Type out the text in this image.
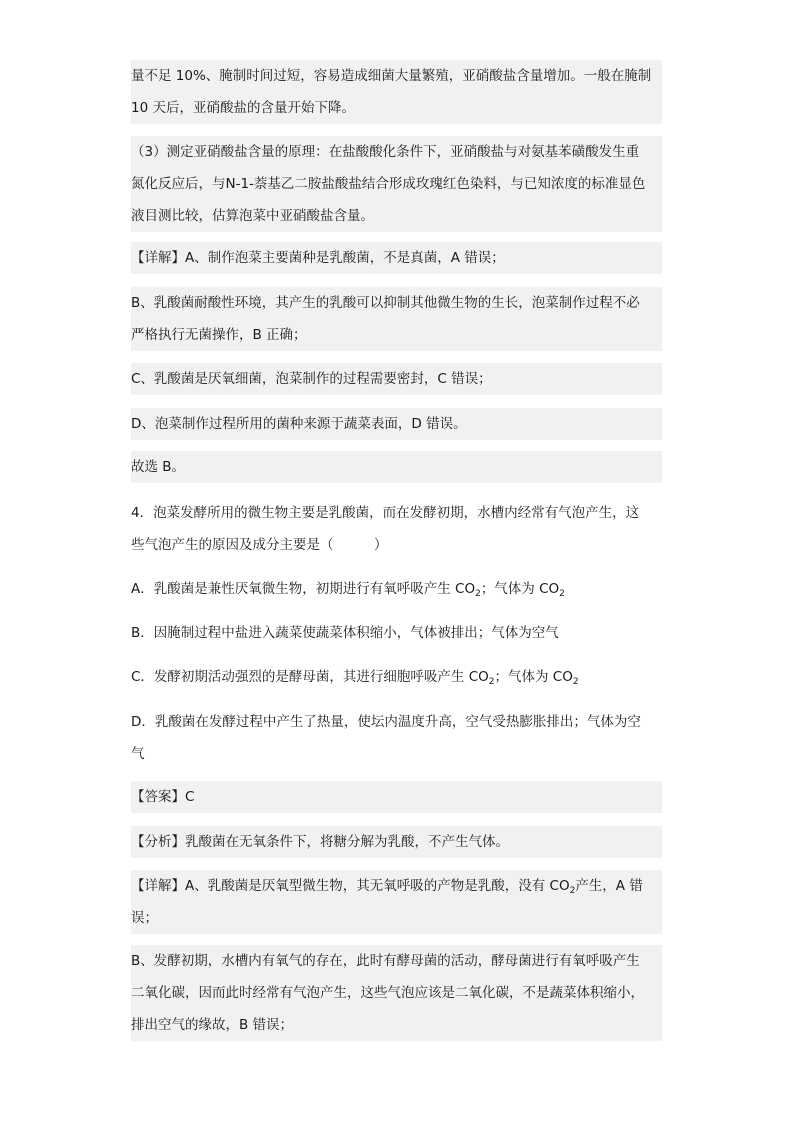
量不足 10%、腌制时间过短，容易造成细菌大量繁殖，亚硝酸盐含量增加。一般在腌制
10 天后，亚硝酸盐的含量开始下降。
（3）测定亚硝酸盐含量的原理：在盐酸酸化条件下，亚硝酸盐与对氨基苯磺酸发生重
氮化反应后，与N-1-萘基乙二胺盐酸盐结合形成玫瑰红色染料，与已知浓度的标准显色
液目测比较，估算泡菜中亚硝酸盐含量。
【详解】A、制作泡菜主要菌种是乳酸菌，不是真菌，A 错误；
B、乳酸菌耐酸性环境，其产生的乳酸可以抑制其他微生物的生长，泡菜制作过程不必
严格执行无菌操作，B 正确；
C、乳酸菌是厌氧细菌，泡菜制作的过程需要密封，C 错误；
D、泡菜制作过程所用的菌种来源于蔬菜表面，D 错误。
故选 B。
4．泡菜发酵所用的微生物主要是乳酸菌，而在发酵初期，水槽内经常有气泡产生，这
些气泡产生的原因及成分主要是（　　　）
A．乳酸菌是兼性厌氧微生物，初期进行有氧呼吸产生 $CO_2$；气体为 $CO_2$
B．因腌制过程中盐进入蔬菜使蔬菜体积缩小，气体被排出；气体为空气
C．发酵初期活动强烈的是酵母菌，其进行细胞呼吸产生 $CO_2$；气体为 $CO_2$
D．乳酸菌在发酵过程中产生了热量，使坛内温度升高，空气受热膨胀排出；气体为空
气
【答案】C
【分析】乳酸菌在无氧条件下，将糖分解为乳酸，不产生气体。
【详解】A、乳酸菌是厌氧型微生物，其无氧呼吸的产物是乳酸，没有 $CO_2$产生，A 错
误；
B、发酵初期，水槽内有氧气的存在，此时有酵母菌的活动，酵母菌进行有氧呼吸产生
二氧化碳，因而此时经常有气泡产生，这些气泡应该是二氧化碳，不是蔬菜体积缩小，
排出空气的缘故，B 错误；
